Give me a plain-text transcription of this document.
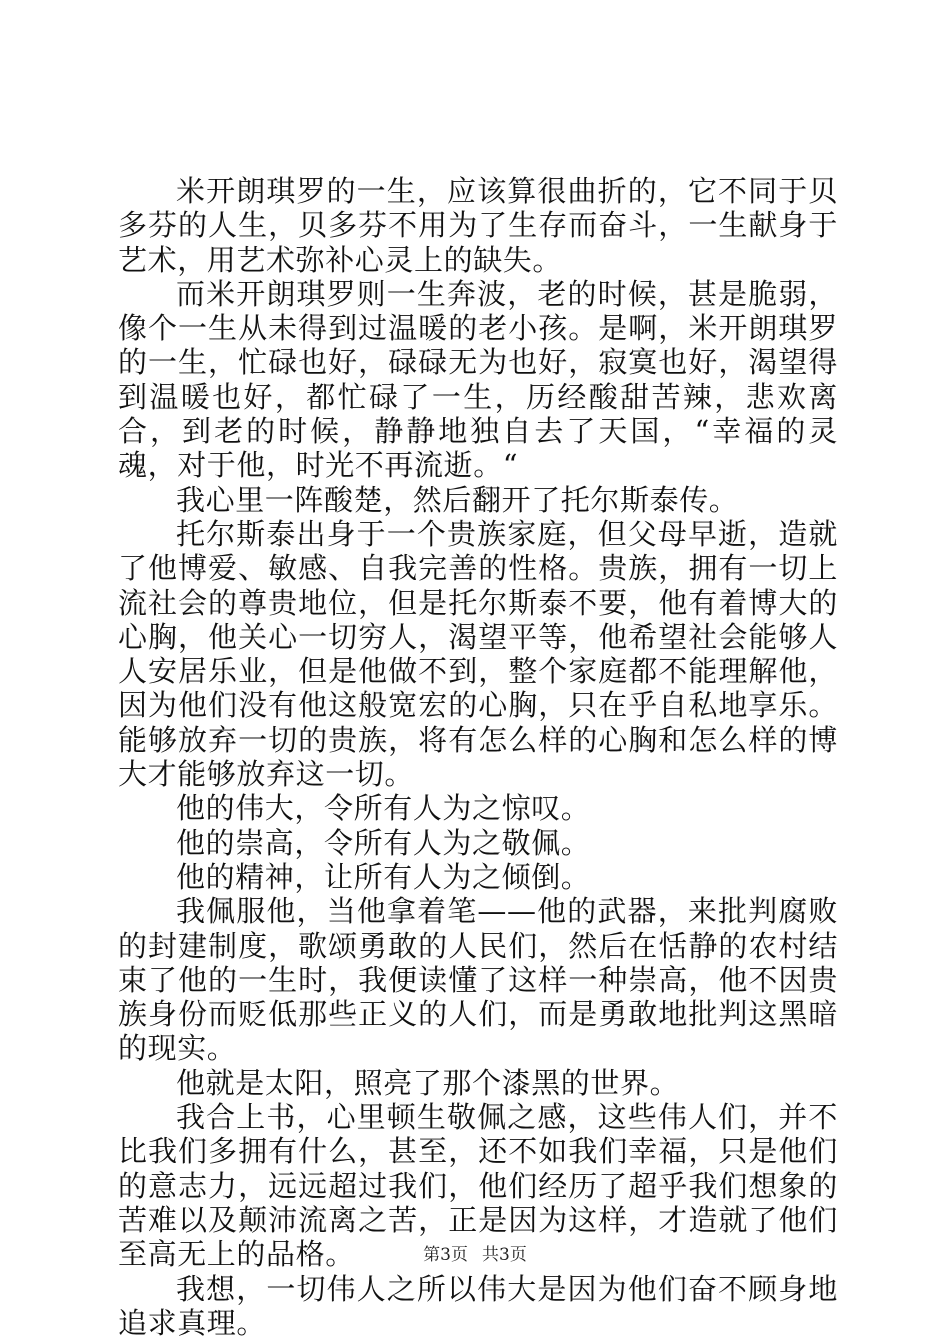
米开朗琪罗的一生，应该算很曲折的，它不同于贝多芬的人生，贝多芬不用为了生存而奋斗，一生献身于艺术，用艺术弥补心灵上的缺失。

而米开朗琪罗则一生奔波，老的时候，甚是脆弱，像个一生从未得到过温暖的老小孩。是啊，米开朗琪罗的一生，忙碌也好，碌碌无为也好，寂寞也好，渴望得到温暖也好，都忙碌了一生，历经酸甜苦辣，悲欢离合，到老的时候，静静地独自去了天国，“幸福的灵魂，对于他，时光不再流逝。“

我心里一阵酸楚，然后翻开了托尔斯泰传。

托尔斯泰出身于一个贵族家庭，但父母早逝，造就了他博爱、敏感、自我完善的性格。贵族，拥有一切上流社会的尊贵地位，但是托尔斯泰不要，他有着博大的心胸，他关心一切穷人，渴望平等，他希望社会能够人人安居乐业，但是他做不到，整个家庭都不能理解他，因为他们没有他这般宽宏的心胸，只在乎自私地享乐。能够放弃一切的贵族，将有怎么样的心胸和怎么样的博大才能够放弃这一切。

他的伟大，令所有人为之惊叹。

他的崇高，令所有人为之敬佩。

他的精神，让所有人为之倾倒。

我佩服他，当他拿着笔——他的武器，来批判腐败的封建制度，歌颂勇敢的人民们，然后在恬静的农村结束了他的一生时，我便读懂了这样一种崇高，他不因贵族身份而贬低那些正义的人们，而是勇敢地批判这黑暗的现实。

他就是太阳，照亮了那个漆黑的世界。

我合上书，心里顿生敬佩之感，这些伟人们，并不比我们多拥有什么，甚至，还不如我们幸福，只是他们的意志力，远远超过我们，他们经历了超乎我们想象的苦难以及颠沛流离之苦，正是因为这样，才造就了他们至高无上的品格。

我想，一切伟人之所以伟大是因为他们奋不顾身地追求真理。

第3页 共3页
